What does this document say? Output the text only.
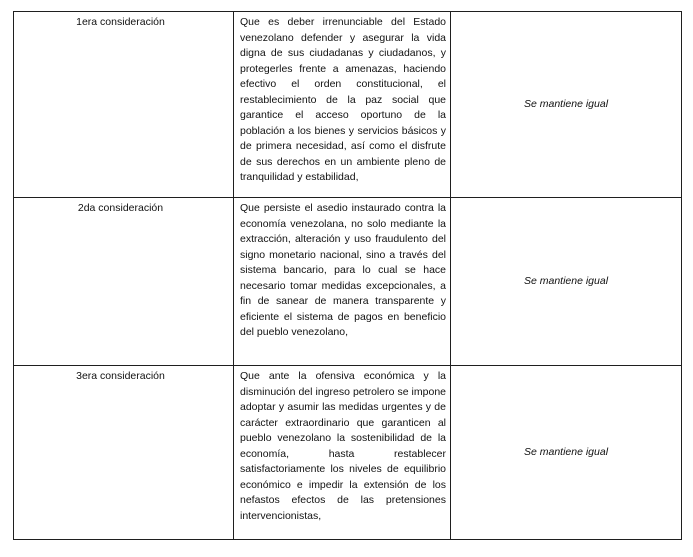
1era consideración	Que es deber irrenunciable del Estado venezolano defender y asegurar la vida digna de sus ciudadanas y ciudadanos, y protegerles frente a amenazas, haciendo efectivo el orden constitucional, el restablecimiento de la paz social que garantice el acceso oportuno de la población a los bienes y servicios básicos y de primera necesidad, así como el disfrute de sus derechos en un ambiente pleno de tranquilidad y estabilidad,	Se mantiene igual
2da consideración	Que persiste el asedio instaurado contra la economía venezolana, no solo mediante la extracción, alteración y uso fraudulento del signo monetario nacional, sino a través del sistema bancario, para lo cual se hace necesario tomar medidas excepcionales, a fin de sanear de manera transparente y eficiente el sistema de pagos en beneficio del pueblo venezolano,	Se mantiene igual
3era consideración	Que ante la ofensiva económica y la disminución del ingreso petrolero se impone adoptar y asumir las medidas urgentes y de carácter extraordinario que garanticen al pueblo venezolano la sostenibilidad de la economía, hasta restablecer satisfactoriamente los niveles de equilibrio económico e impedir la extensión de los nefastos efectos de las pretensiones intervencionistas,	Se mantiene igual
